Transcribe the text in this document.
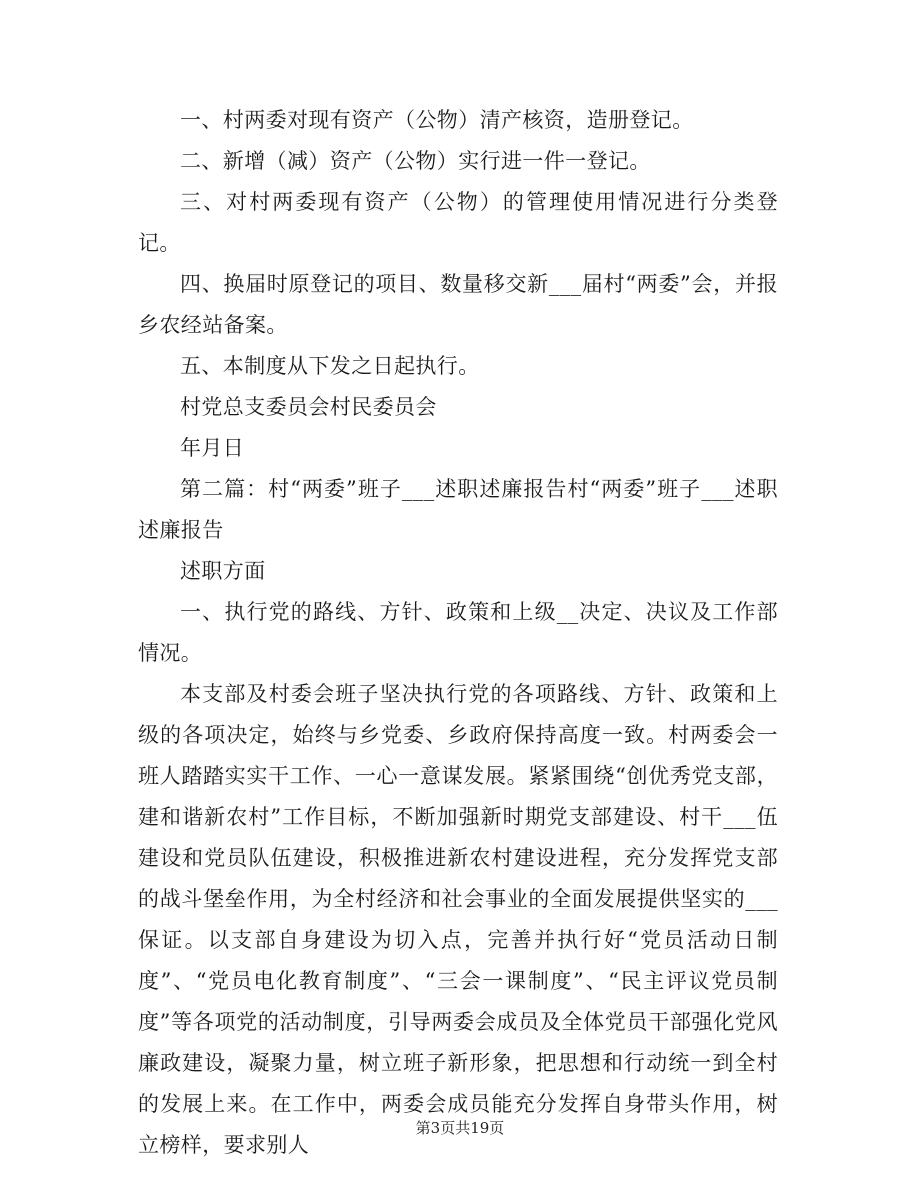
一、村两委对现有资产（公物）清产核资，造册登记。

二、新增（减）资产（公物）实行进一件一登记。

三、对村两委现有资产（公物）的管理使用情况进行分类登记。

四、换届时原登记的项目、数量移交新___届村“两委”会，并报乡农经站备案。

五、本制度从下发之日起执行。

村党总支委员会村民委员会

年月日

第二篇：村“两委”班子___述职述廉报告村“两委”班子___述职述廉报告

述职方面

一、执行党的路线、方针、政策和上级__决定、决议及工作部情况。

本支部及村委会班子坚决执行党的各项路线、方针、政策和上级的各项决定，始终与乡党委、乡政府保持高度一致。村两委会一班人踏踏实实干工作、一心一意谋发展。紧紧围绕“创优秀党支部，建和谐新农村”工作目标，不断加强新时期党支部建设、村干___伍建设和党员队伍建设，积极推进新农村建设进程，充分发挥党支部的战斗堡垒作用，为全村经济和社会事业的全面发展提供坚实的___保证。以支部自身建设为切入点，完善并执行好“党员活动日制度”、“党员电化教育制度”、“三会一课制度”、“民主评议党员制度”等各项党的活动制度，引导两委会成员及全体党员干部强化党风廉政建设，凝聚力量，树立班子新形象，把思想和行动统一到全村的发展上来。在工作中，两委会成员能充分发挥自身带头作用，树立榜样，要求别人

第3页共19页
